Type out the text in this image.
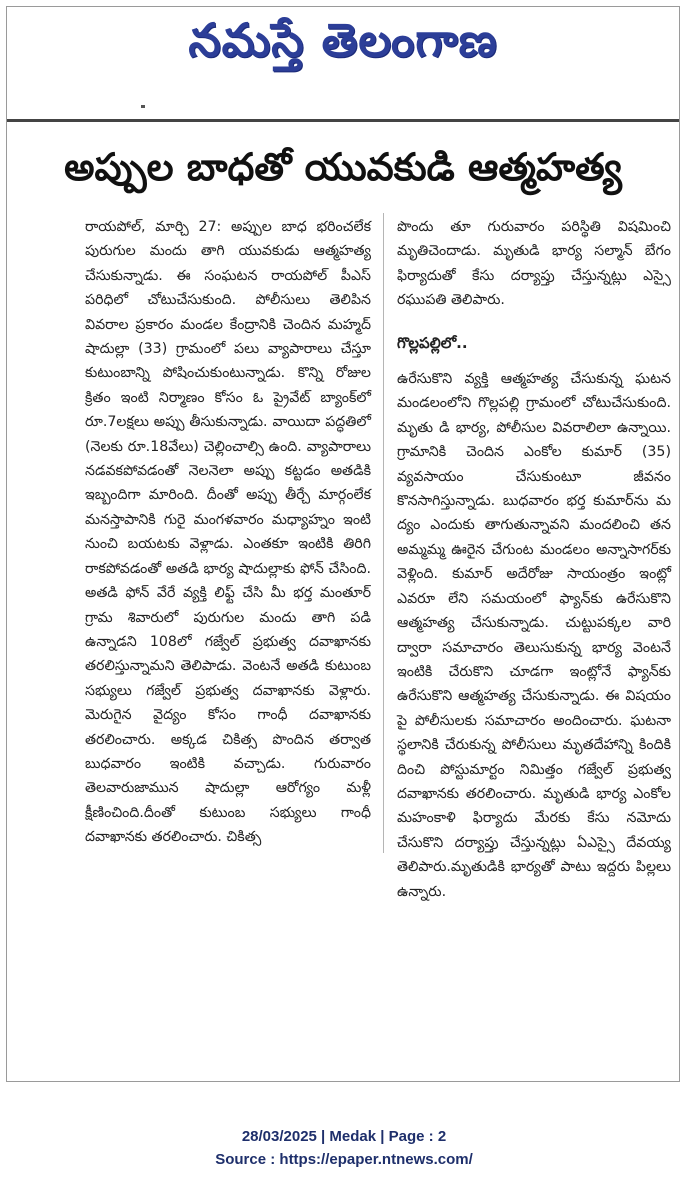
నమస్తే తెలంగాణ
అప్పుల బాధతో యువకుడి ఆత్మహత్య
రాయపోల్, మార్చి 27: అప్పుల బాధ భరించలేక పురుగుల మందు తాగి యువకుడు ఆత్మహత్య చేసుకున్నాడు. ఈ సంఘటన రాయపోల్ పీఎస్ పరిధిలో చోటుచేసుకుంది. పోలీసులు తెలిపిన వివరాల ప్రకారం మండల కేంద్రానికి చెందిన మహ్మద్ షాదుల్లా (33) గ్రామంలో పలు వ్యాపారాలు చేస్తూ కుటుంబాన్ని పోషించుకుంటున్నాడు. కొన్ని రోజుల క్రితం ఇంటి నిర్మాణం కోసం ఓ ప్రైవేట్ బ్యాంక్‌లో రూ.7లక్షలు అప్పు తీసుకున్నాడు. వాయిదా పద్ధతిలో (నెలకు రూ.18వేలు) చెల్లించాల్సి ఉంది. వ్యాపారాలు నడవకపోవడంతో నెలనెలా అప్పు కట్టడం అతడికి ఇబ్బందిగా మారింది. దీంతో అప్పు తీర్చే మార్గంలేక మనస్తాపానికి గురై మంగళవారం మధ్యాహ్నం ఇంటి నుంచి బయటకు వెళ్లాడు. ఎంతకూ ఇంటికి తిరిగి రాకపోవడంతో అతడి భార్య షాదుల్లాకు ఫోన్ చేసింది. అతడి ఫోన్ వేరే వ్యక్తి లిఫ్ట్ చేసి మీ భర్త మంతూర్ గ్రామ శివారులో పురుగుల మందు తాగి పడి ఉన్నాడని 108లో గజ్వేల్ ప్రభుత్వ దవాఖానకు తరలిస్తున్నామని తెలిపాడు. వెంటనే అతడి కుటుంబ సభ్యులు గజ్వేల్ ప్రభుత్వ దవాఖానకు వెళ్లారు. మెరుగైన వైద్యం కోసం గాంధీ దవాఖానకు తరలించారు. అక్కడ చికిత్స పొందిన తర్వాత బుధవారం ఇంటికి వచ్చాడు. గురువారం తెలవారుజామున షాదుల్లా ఆరోగ్యం మళ్లీ క్షీణించింది.దీంతో కుటుంబ సభ్యులు గాంధీ దవాఖానకు తరలించారు. చికిత్స

పొందు తూ గురువారం పరిస్థితి విషమించి మృతిచెందాడు. మృతుడి భార్య సల్మాన్ బేగం ఫిర్యాదుతో కేసు దర్యాప్తు చేస్తున్నట్లు ఎస్సై రఘుపతి తెలిపారు.

గొల్లపల్లిలో..

ఉరేసుకొని వ్యక్తి ఆత్మహత్య చేసుకున్న ఘటన మండలంలోని గొల్లపల్లి గ్రామంలో చోటుచేసుకుంది. మృతు డి భార్య, పోలీసుల వివరాలిలా ఉన్నాయి. గ్రామానికి చెందిన ఎంకోల కుమార్ (35) వ్యవసాయం చేసుకుంటూ జీవనం కొనసాగిస్తున్నాడు. బుధవారం భర్త కుమార్‌ను మ ద్యం ఎందుకు తాగుతున్నావని మందలించి తన అమ్మమ్మ ఊరైన చేగుంట మండలం అన్నాసాగర్‌కు వెళ్లింది. కుమార్ అదేరోజు సాయంత్రం ఇంట్లో ఎవరూ లేని సమయంలో ఫ్యాన్‌కు ఉరేసుకొని ఆత్మహత్య చేసుకున్నాడు. చుట్టుపక్కల వారి ద్వారా సమాచారం తెలుసుకున్న భార్య వెంటనే ఇంటికి చేరుకొని చూడగా ఇంట్లోనే ఫ్యాన్‌కు ఉరేసుకొని ఆత్మహత్య చేసుకున్నాడు. ఈ విషయం పై పోలీసులకు సమాచారం అందించారు. ఘటనా స్థలానికి చేరుకున్న పోలీసులు మృతదేహాన్ని కిందికి దించి పోస్టుమార్టం నిమిత్తం గజ్వేల్ ప్రభుత్వ దవాఖానకు తరలించారు. మృతుడి భార్య ఎంకోల మహంకాళి ఫిర్యాదు మేరకు కేసు నమోదు చేసుకొని దర్యాప్తు చేస్తున్నట్లు ఏఎస్సై దేవయ్య తెలిపారు.మృతుడికి భార్యతో పాటు ఇద్దరు పిల్లలు ఉన్నారు.

28/03/2025 | Medak | Page : 2
Source : https://epaper.ntnews.com/
